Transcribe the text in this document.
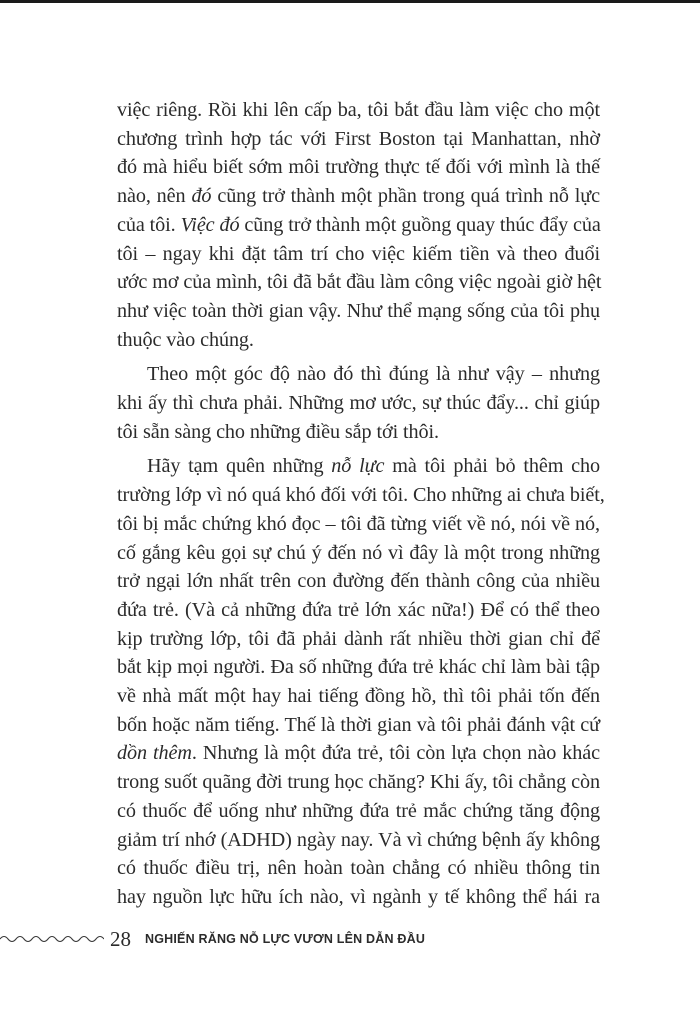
việc riêng. Rồi khi lên cấp ba, tôi bắt đầu làm việc cho một
chương trình hợp tác với First Boston tại Manhattan, nhờ
đó mà hiểu biết sớm môi trường thực tế đối với mình là thế
nào, nên đó cũng trở thành một phần trong quá trình nỗ lực
của tôi. Việc đó cũng trở thành một guồng quay thúc đẩy của
tôi – ngay khi đặt tâm trí cho việc kiếm tiền và theo đuổi
ước mơ của mình, tôi đã bắt đầu làm công việc ngoài giờ hệt
như việc toàn thời gian vậy. Như thể mạng sống của tôi phụ
thuộc vào chúng.

Theo một góc độ nào đó thì đúng là như vậy – nhưng
khi ấy thì chưa phải. Những mơ ước, sự thúc đẩy... chỉ giúp
tôi sẵn sàng cho những điều sắp tới thôi.

Hãy tạm quên những nỗ lực mà tôi phải bỏ thêm cho
trường lớp vì nó quá khó đối với tôi. Cho những ai chưa biết,
tôi bị mắc chứng khó đọc – tôi đã từng viết về nó, nói về nó,
cố gắng kêu gọi sự chú ý đến nó vì đây là một trong những
trở ngại lớn nhất trên con đường đến thành công của nhiều
đứa trẻ. (Và cả những đứa trẻ lớn xác nữa!) Để có thể theo
kịp trường lớp, tôi đã phải dành rất nhiều thời gian chỉ để
bắt kịp mọi người. Đa số những đứa trẻ khác chỉ làm bài tập
về nhà mất một hay hai tiếng đồng hồ, thì tôi phải tốn đến
bốn hoặc năm tiếng. Thế là thời gian và tôi phải đánh vật cứ
dồn thêm. Nhưng là một đứa trẻ, tôi còn lựa chọn nào khác
trong suốt quãng đời trung học chăng? Khi ấy, tôi chẳng còn
có thuốc để uống như những đứa trẻ mắc chứng tăng động
giảm trí nhớ (ADHD) ngày nay. Và vì chứng bệnh ấy không
có thuốc điều trị, nên hoàn toàn chẳng có nhiều thông tin
hay nguồn lực hữu ích nào, vì ngành y tế không thể hái ra

28 NGHIẾN RĂNG NỖ LỰC VƯƠN LÊN DẪN ĐẦU
